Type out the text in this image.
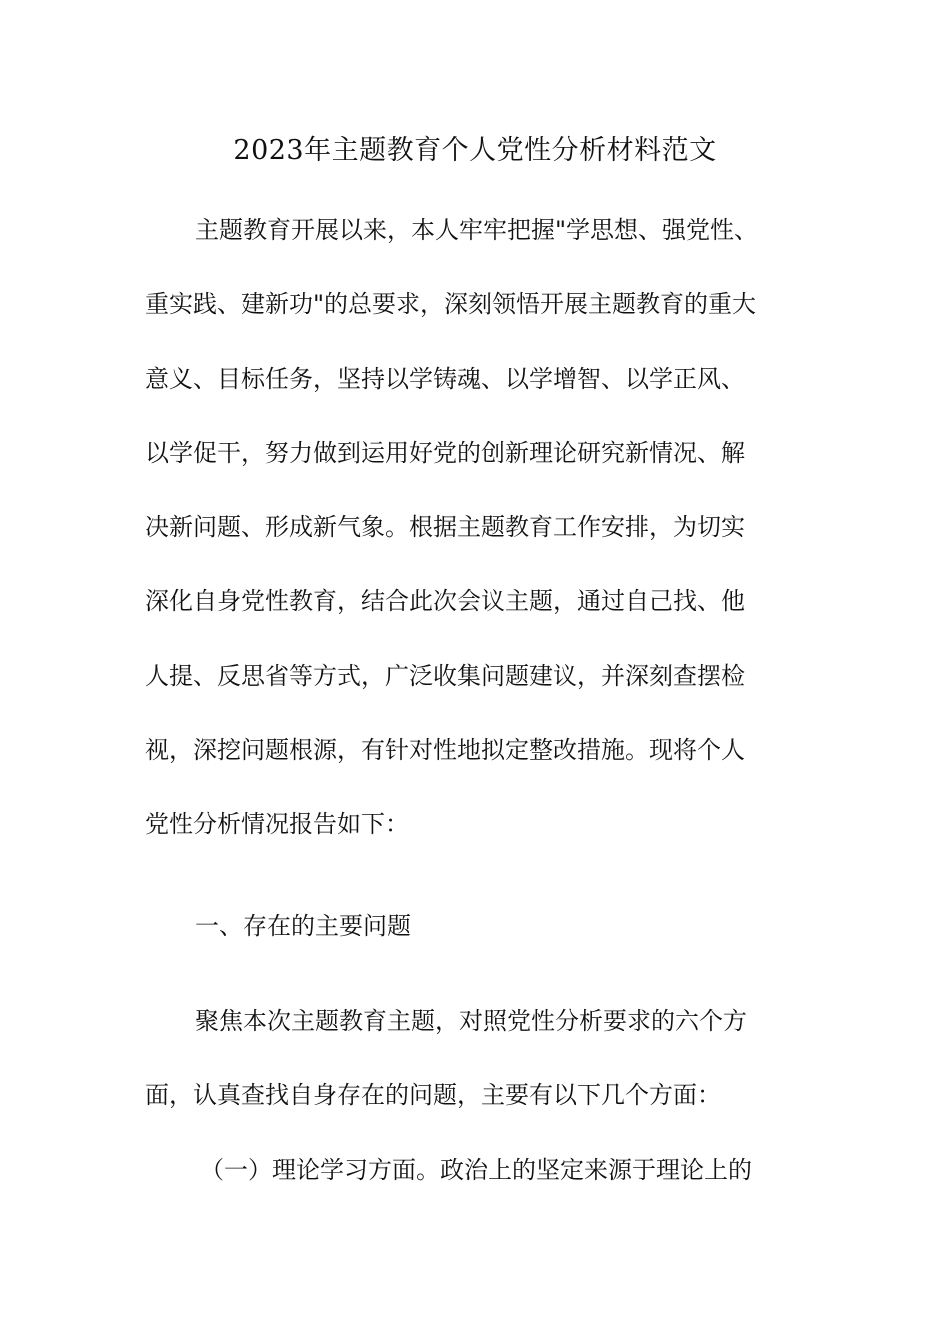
2023年主题教育个人党性分析材料范文
主题教育开展以来，本人牢牢把握"学思想、强党性、
重实践、建新功"的总要求，深刻领悟开展主题教育的重大
意义、目标任务，坚持以学铸魂、以学增智、以学正风、
以学促干，努力做到运用好党的创新理论研究新情况、解
决新问题、形成新气象。根据主题教育工作安排，为切实
深化自身党性教育，结合此次会议主题，通过自己找、他
人提、反思省等方式，广泛收集问题建议，并深刻查摆检
视，深挖问题根源，有针对性地拟定整改措施。现将个人
党性分析情况报告如下：
一、存在的主要问题
聚焦本次主题教育主题，对照党性分析要求的六个方
面，认真查找自身存在的问题，主要有以下几个方面：
（一）理论学习方面。政治上的坚定来源于理论上的
